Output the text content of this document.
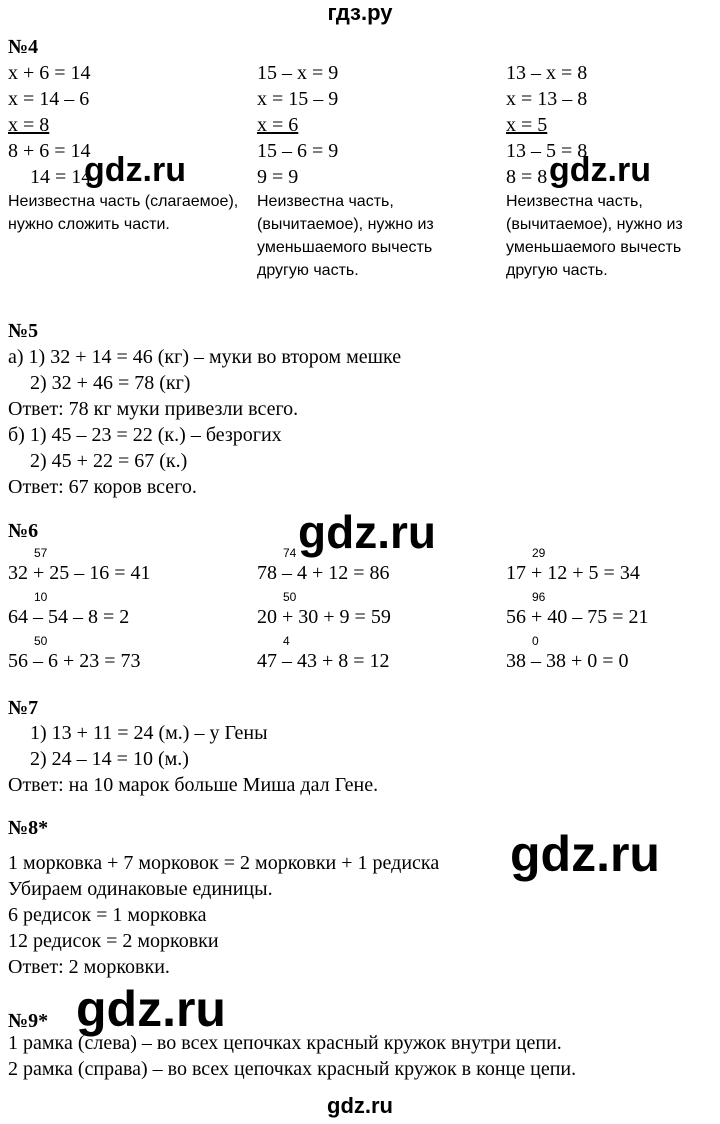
гдз.ру
№4
x + 6 = 14
x = 14 – 6
x = 8
8 + 6 = 14
14 = 14
Неизвестна часть (слагаемое), нужно сложить части.
15 – x = 9
x = 15 – 9
x = 6
15 – 6 = 9
9 = 9
Неизвестна часть, (вычитаемое), нужно из уменьшаемого вычесть другую часть.
13 – x = 8
x = 13 – 8
x = 5
13 – 5 = 8
8 = 8
Неизвестна часть, (вычитаемое), нужно из уменьшаемого вычесть другую часть.
№5
а) 1) 32 + 14 = 46 (кг) – муки во втором мешке
2) 32 + 46 = 78 (кг)
Ответ: 78 кг муки привезли всего.
б) 1) 45 – 23 = 22 (к.) – безрогих
2) 45 + 22 = 67 (к.)
Ответ: 67 коров всего.
№6
57
32 + 25 – 16 = 41
74
78 – 4 + 12 = 86
29
17 + 12 + 5 = 34
10
64 – 54 – 8 = 2
50
20 + 30 + 9 = 59
96
56 + 40 – 75 = 21
50
56 – 6 + 23 = 73
4
47 – 43 + 8 = 12
0
38 – 38 + 0 = 0
№7
1) 13 + 11 = 24 (м.) – у Гены
2) 24 – 14 = 10 (м.)
Ответ: на 10 марок больше Миша дал Гене.
№8*
1 морковка + 7 морковок = 2 морковки + 1 редиска
Убираем одинаковые единицы.
6 редисок = 1 морковка
12 редисок = 2 морковки
Ответ: 2 морковки.
№9*
1 рамка (слева) – во всех цепочках красный кружок внутри цепи.
2 рамка (справа) – во всех цепочках красный кружок в конце цепи.
gdz.ru	gdz.ru
gdz.ru
gdz.ru
gdz.ru
gdz.ru
